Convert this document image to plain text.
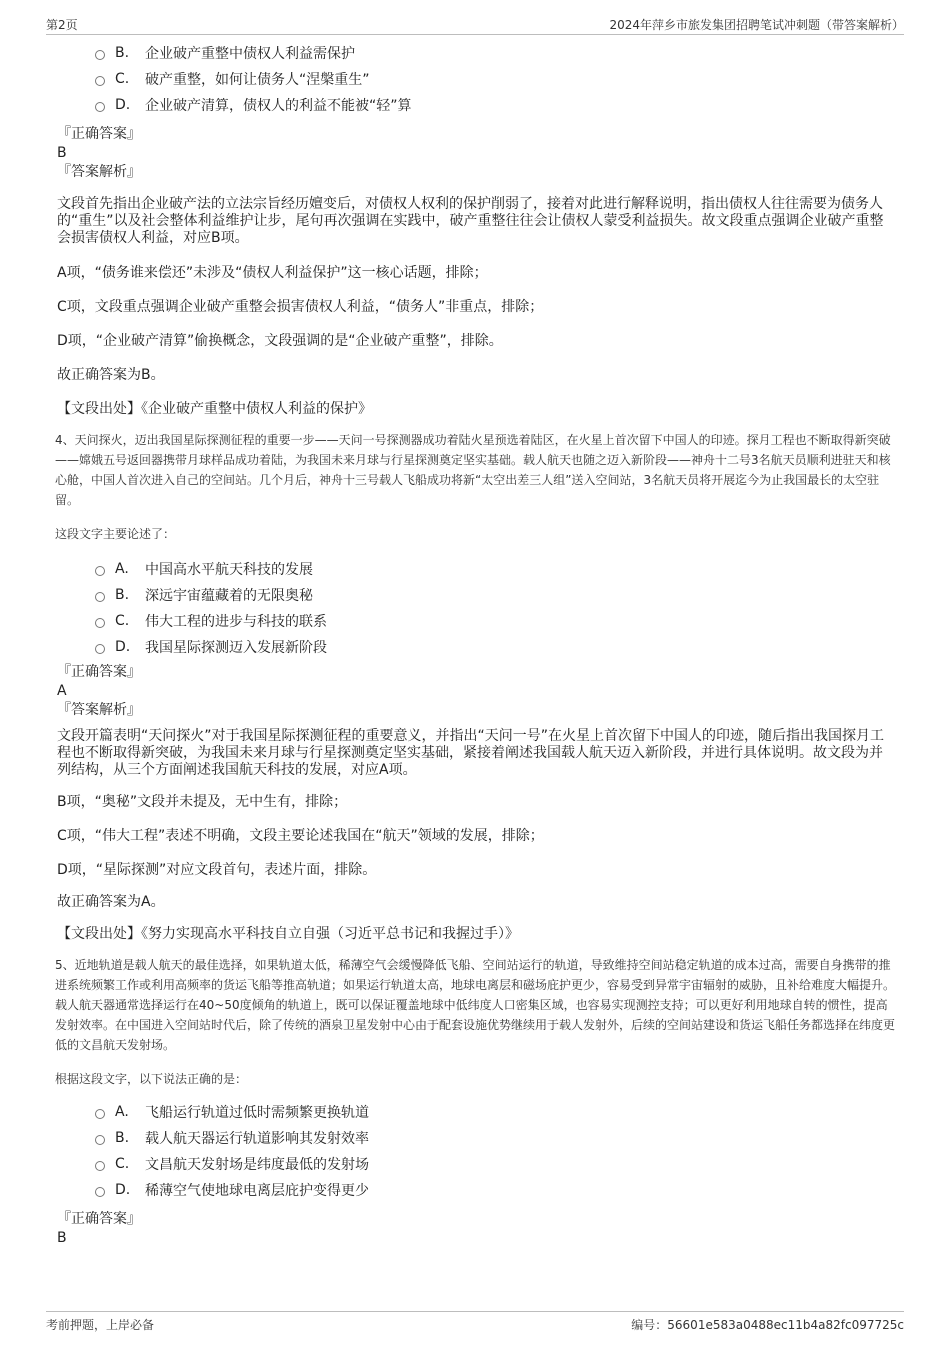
第2页	2024年萍乡市旅发集团招聘笔试冲刺题（带答案解析）
B.	企业破产重整中债权人利益需保护
C.	破产重整，如何让债务人“涅槃重生”
D.	企业破产清算，债权人的利益不能被“轻”算
『正确答案』
B
『答案解析』

文段首先指出企业破产法的立法宗旨经历嬗变后，对债权人权利的保护削弱了，接着对此进行解释说明，指出债权人往往需要为债务人的“重生”以及社会整体利益维护让步，尾句再次强调在实践中，破产重整往往会让债权人蒙受利益损失。故文段重点强调企业破产重整会损害债权人利益，对应B项。

A项，“债务谁来偿还”未涉及“债权人利益保护”这一核心话题，排除；
C项，文段重点强调企业破产重整会损害债权人利益，“债务人”非重点，排除；
D项，“企业破产清算”偷换概念，文段强调的是“企业破产重整”，排除。
故正确答案为B。
【文段出处】《企业破产重整中债权人利益的保护》

4、天问探火，迈出我国星际探测征程的重要一步——天问一号探测器成功着陆火星预选着陆区，在火星上首次留下中国人的印迹。探月工程也不断取得新突破——嫦娥五号返回器携带月球样品成功着陆，为我国未来月球与行星探测奠定坚实基础。载人航天也随之迈入新阶段——神舟十二号3名航天员顺利进驻天和核心舱，中国人首次进入自己的空间站。几个月后，神舟十三号载人飞船成功将新“太空出差三人组”送入空间站，3名航天员将开展迄今为止我国最长的太空驻留。

这段文字主要论述了：

A.	中国高水平航天科技的发展
B.	深远宇宙蕴藏着的无限奥秘
C.	伟大工程的进步与科技的联系
D.	我国星际探测迈入发展新阶段
『正确答案』
A
『答案解析』

文段开篇表明“天问探火”对于我国星际探测征程的重要意义，并指出“天问一号”在火星上首次留下中国人的印迹，随后指出我国探月工程也不断取得新突破，为我国未来月球与行星探测奠定坚实基础，紧接着阐述我国载人航天迈入新阶段，并进行具体说明。故文段为并列结构，从三个方面阐述我国航天科技的发展，对应A项。

B项，“奥秘”文段并未提及，无中生有，排除；
C项，“伟大工程”表述不明确，文段主要论述我国在“航天”领域的发展，排除；
D项，“星际探测”对应文段首句，表述片面，排除。
故正确答案为A。
【文段出处】《努力实现高水平科技自立自强（习近平总书记和我握过手）》

5、近地轨道是载人航天的最佳选择，如果轨道太低，稀薄空气会缓慢降低飞船、空间站运行的轨道，导致维持空间站稳定轨道的成本过高，需要自身携带的推进系统频繁工作或利用高频率的货运飞船等推高轨道；如果运行轨道太高，地球电离层和磁场庇护更少，容易受到异常宇宙辐射的威胁，且补给难度大幅提升。载人航天器通常选择运行在40~50度倾角的轨道上，既可以保证覆盖地球中低纬度人口密集区域，也容易实现测控支持；可以更好利用地球自转的惯性，提高发射效率。在中国进入空间站时代后，除了传统的酒泉卫星发射中心由于配套设施优势继续用于载人发射外，后续的空间站建设和货运飞船任务都选择在纬度更低的文昌航天发射场。

根据这段文字，以下说法正确的是：

A.	飞船运行轨道过低时需频繁更换轨道
B.	载人航天器运行轨道影响其发射效率
C.	文昌航天发射场是纬度最低的发射场
D.	稀薄空气使地球电离层庇护变得更少
『正确答案』
B
考前押题，上岸必备	编号：56601e583a0488ec11b4a82fc097725c
